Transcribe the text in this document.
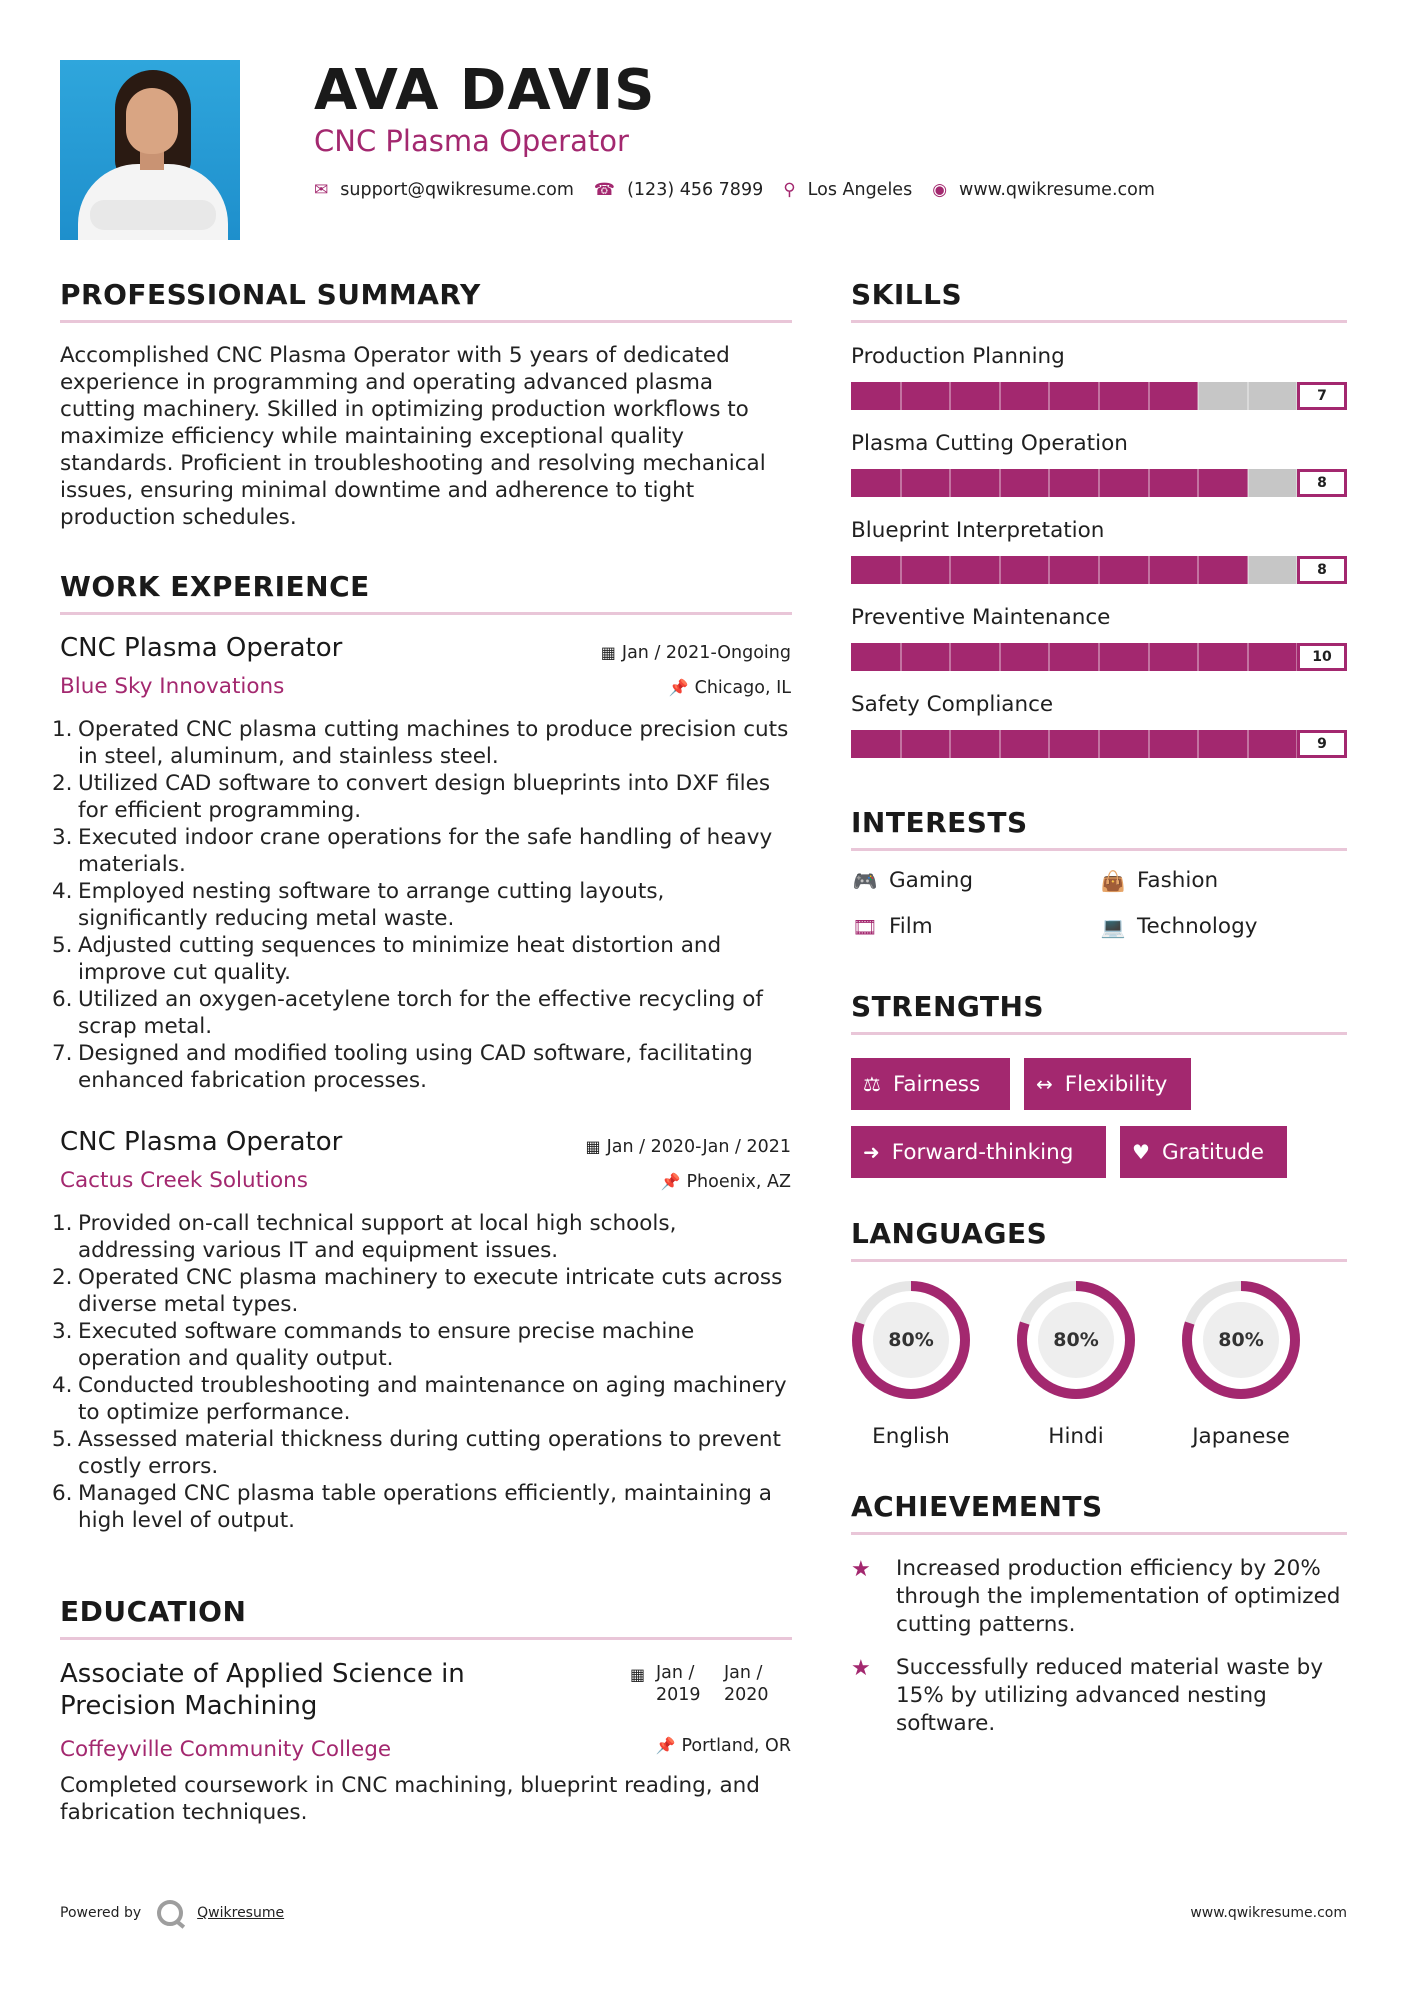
AVA DAVIS
CNC Plasma Operator
✉ support@qwikresume.com ☎ (123) 456 7899 ⚲ Los Angeles ◉ www.qwikresume.com
PROFESSIONAL SUMMARY
Accomplished CNC Plasma Operator with 5 years of dedicated experience in programming and operating advanced plasma cutting machinery. Skilled in optimizing production workflows to maximize efficiency while maintaining exceptional quality standards. Proficient in troubleshooting and resolving mechanical issues, ensuring minimal downtime and adherence to tight production schedules.
WORK EXPERIENCE
CNC Plasma Operator	▦ Jan / 2021-Ongoing
Blue Sky Innovations	📌 Chicago, IL
1. Operated CNC plasma cutting machines to produce precision cuts in steel, aluminum, and stainless steel.
2. Utilized CAD software to convert design blueprints into DXF files for efficient programming.
3. Executed indoor crane operations for the safe handling of heavy materials.
4. Employed nesting software to arrange cutting layouts, significantly reducing metal waste.
5. Adjusted cutting sequences to minimize heat distortion and improve cut quality.
6. Utilized an oxygen-acetylene torch for the effective recycling of scrap metal.
7. Designed and modified tooling using CAD software, facilitating enhanced fabrication processes.
CNC Plasma Operator	▦ Jan / 2020-Jan / 2021
Cactus Creek Solutions	📌 Phoenix, AZ
1. Provided on-call technical support at local high schools, addressing various IT and equipment issues.
2. Operated CNC plasma machinery to execute intricate cuts across diverse metal types.
3. Executed software commands to ensure precise machine operation and quality output.
4. Conducted troubleshooting and maintenance on aging machinery to optimize performance.
5. Assessed material thickness during cutting operations to prevent costly errors.
6. Managed CNC plasma table operations efficiently, maintaining a high level of output.
EDUCATION
Associate of Applied Science in Precision Machining
▦ Jan /
2019
Jan /
2020
Coffeyville Community College	📌 Portland, OR
Completed coursework in CNC machining, blueprint reading, and fabrication techniques.
SKILLS
Production Planning
7
Plasma Cutting Operation
8
Blueprint Interpretation
8
Preventive Maintenance
10
Safety Compliance
9
INTERESTS
🎮 Gaming	👜 Fashion
🎞 Film	💻 Technology
STRENGTHS
⚖ Fairness	↔ Flexibility
➜ Forward-thinking	♥ Gratitude
LANGUAGES
80%
English
80%
Hindi
80%
Japanese
ACHIEVEMENTS
★ Increased production efficiency by 20% through the implementation of optimized cutting patterns.
★ Successfully reduced material waste by 15% by utilizing advanced nesting software.
Powered by	Qwikresume	www.qwikresume.com
